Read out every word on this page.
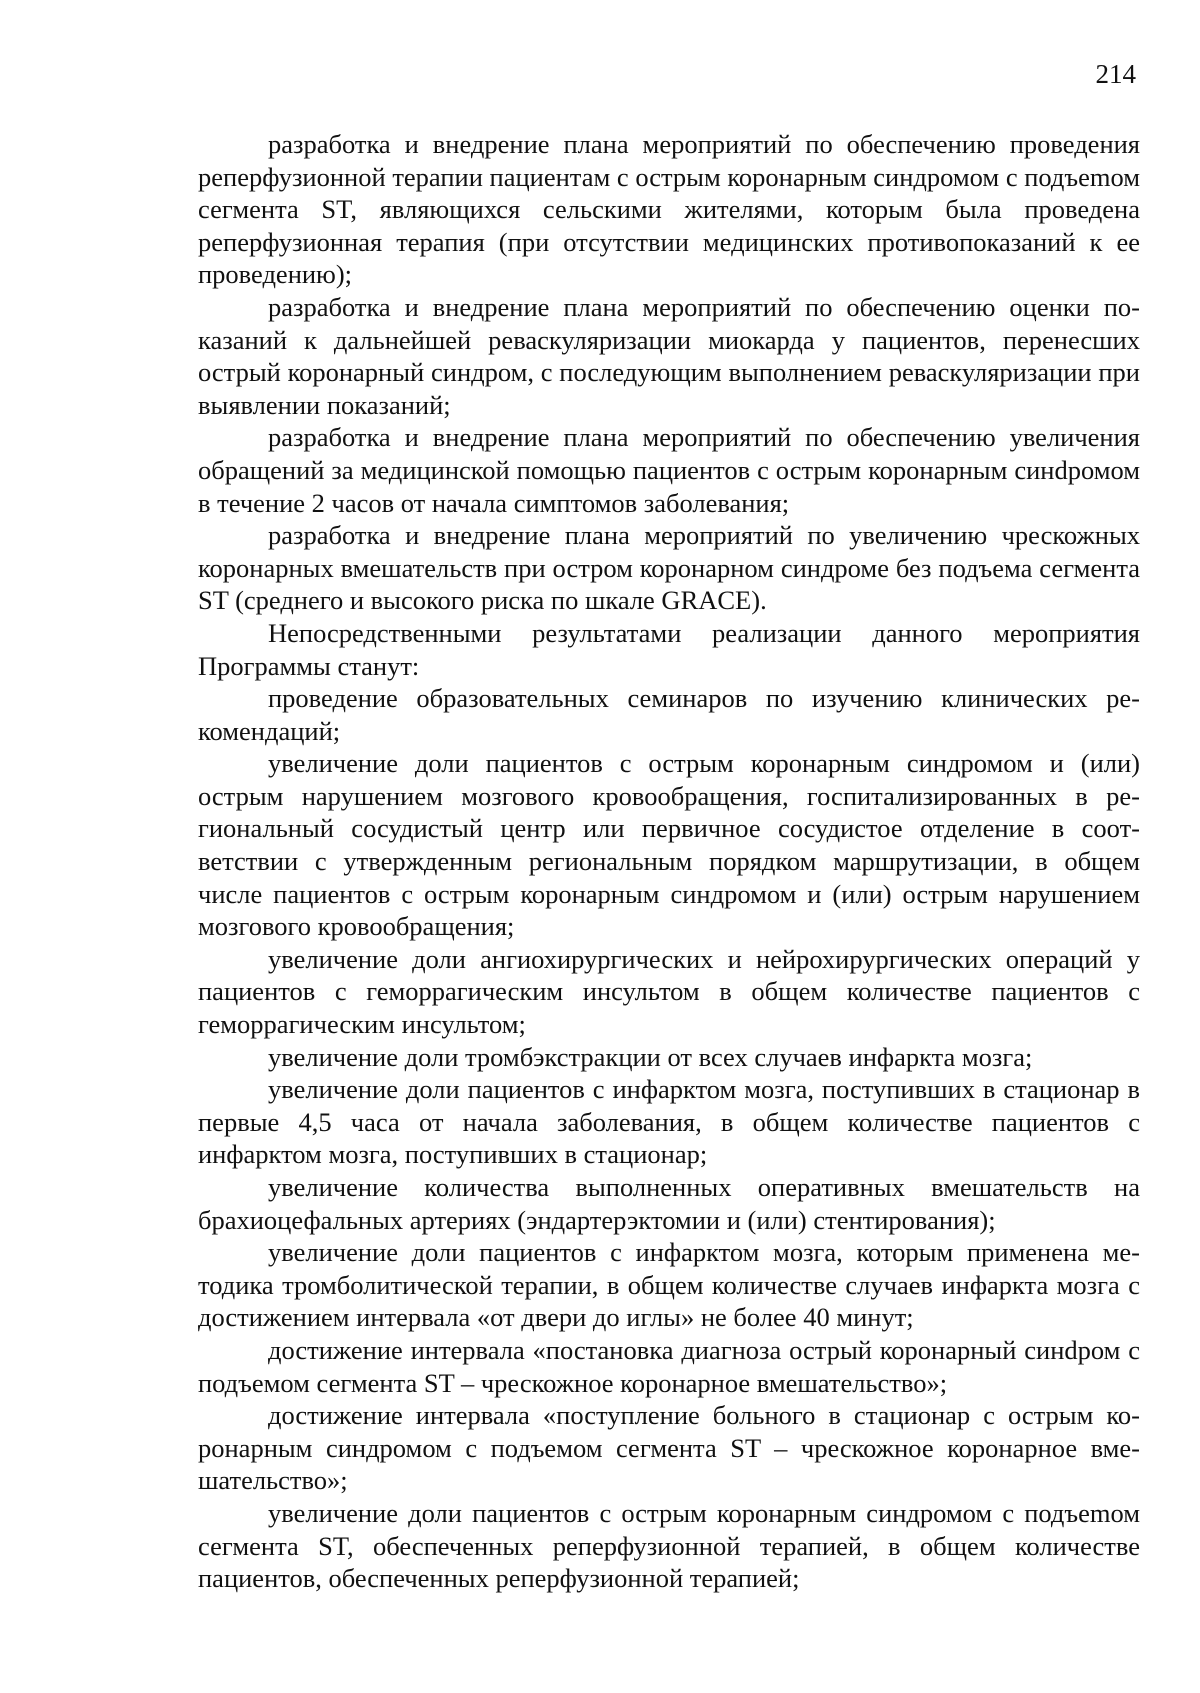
214

разработка и внедрение плана мероприятий по обеспечению проведения реперфузионной терапии пациентам с острым коронарным синдромом с подъemом сегмента ST, являющихся сельскими жителями, которым была проведена реперфузионная терапия (при отсутствии медицинских противопоказаний к ее проведению);

разработка и внедрение плана мероприятий по обеспечению оценки показаний к дальнейшей реваскуляризации миокарда у пациентов, перенесших острый коронарный синдром, с последующим выполнением реваскуляризации при выявлении показаний;

разработка и внедрение плана мероприятий по обеспечению увеличения обращений за медицинской помощью пациентов с острым коронарным синdромом в течение 2 часов от начала симптомов заболевания;

разработка и внедрение плана мероприятий по увеличению чрескожных коронарных вмешательств при остром коронарном синдроме без подъема сегмента ST (среднего и высокого риска по шкале GRACE).

Непосредственными результатами реализации данного мероприятия Программы станут:

проведение образовательных семинаров по изучению клинических рекомендаций;

увеличение доли пациентов с острым коронарным синдромом и (или) острым нарушением мозгового кровообращения, госпитализированных в региональный сосудистый центр или первичное сосудистое отделение в соответствии с утвержденным региональным порядком маршрутизации, в общем числе пациентов с острым коронарным синдромом и (или) острым нарушением мозгового кровообращения;

увеличение доли ангиохирургических и нейрохирургических операций у пациентов с геморрагическим инсультом в общем количестве пациентов с геморрагическим инсультом;

увеличение доли тромбэкстракции от всех случаев инфаркта мозга;

увеличение доли пациентов с инфарктом мозга, поступивших в стационар в первые 4,5 часа от начала заболевания, в общем количестве пациентов с инфарктом мозга, поступивших в стационар;

увеличение количества выполненных оперативных вмешательств на брахиоцефальных артериях (эндартерэктомии и (или) стентирования);

увеличение доли пациентов с инфарктом мозга, которым применена методика тромболитической терапии, в общем количестве случаев инфаркта мозга с достижением интервала «от двери до иглы» не более 40 минут;

достижение интервала «постановка диагноза острый коронарный синdром с подъемом сегмента ST – чрескожное коронарное вмешательство»;

достижение интервала «поступление больного в стационар с острым коронарным синдромом с подъемом сегмента ST – чрескожное коронарное вмешательство»;

увеличение доли пациентов с острым коронарным синдромом с подъemом сегмента ST, обеспеченных реперфузионной терапией, в общем количестве пациентов, обеспеченных реперфузионной терапией;
